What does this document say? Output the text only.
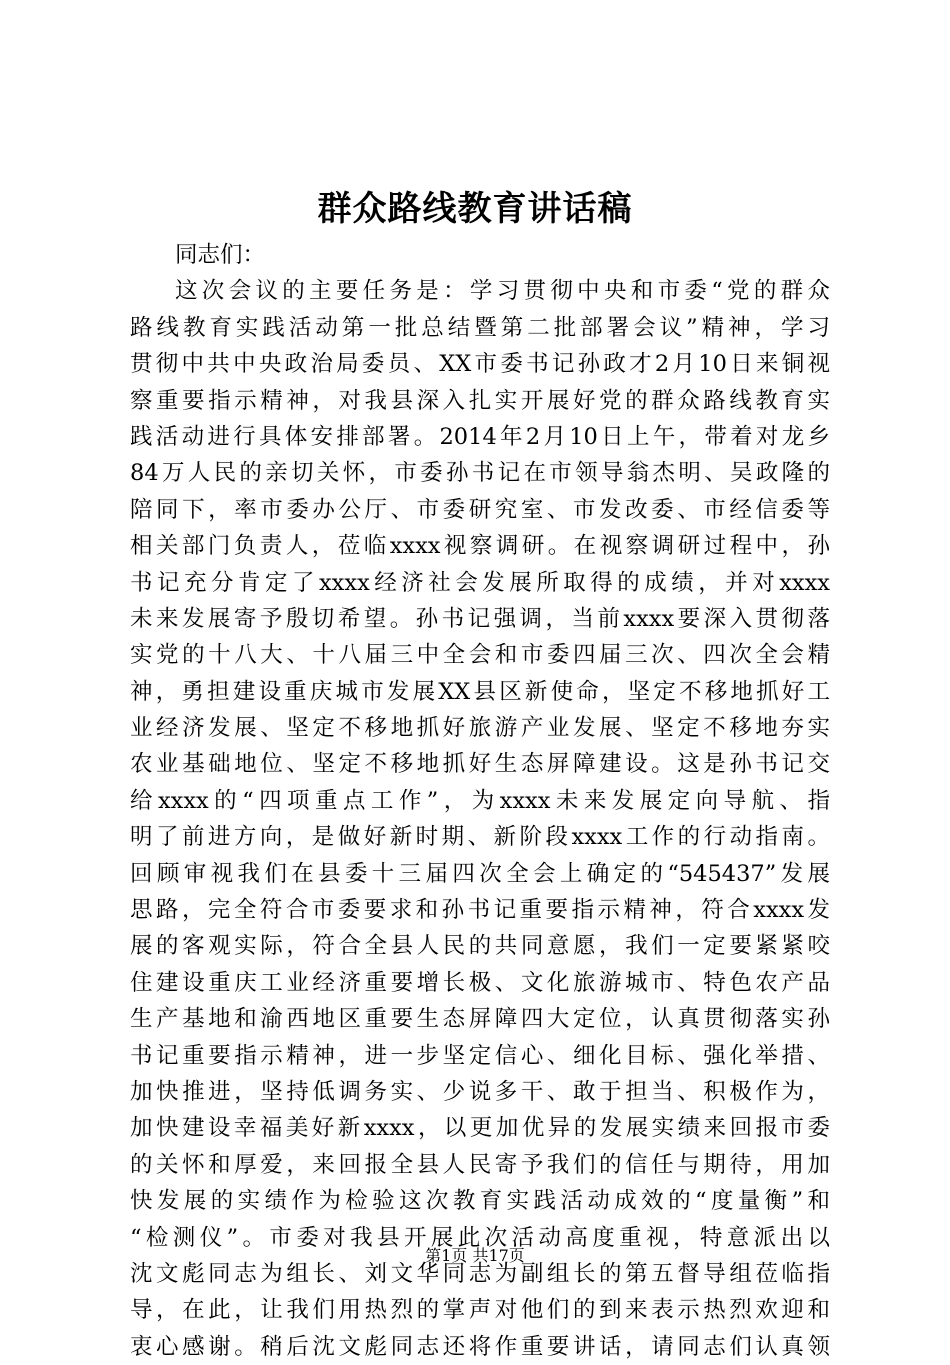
群众路线教育讲话稿
同志们：
这次会议的主要任务是：学习贯彻中央和市委“党的群众
路线教育实践活动第一批总结暨第二批部署会议”精神，学习
贯彻中共中央政治局委员、XX市委书记孙政才2月10日来铜视
察重要指示精神，对我县深入扎实开展好党的群众路线教育实
践活动进行具体安排部署。2014年2月10日上午，带着对龙乡
84万人民的亲切关怀，市委孙书记在市领导翁杰明、吴政隆的
陪同下，率市委办公厅、市委研究室、市发改委、市经信委等
相关部门负责人，莅临xxxx视察调研。在视察调研过程中，孙
书记充分肯定了xxxx经济社会发展所取得的成绩，并对xxxx
未来发展寄予殷切希望。孙书记强调，当前xxxx要深入贯彻落
实党的十八大、十八届三中全会和市委四届三次、四次全会精
神，勇担建设重庆城市发展XX县区新使命，坚定不移地抓好工
业经济发展、坚定不移地抓好旅游产业发展、坚定不移地夯实
农业基础地位、坚定不移地抓好生态屏障建设。这是孙书记交
给xxxx的“四项重点工作”，为xxxx未来发展定向导航、指
明了前进方向，是做好新时期、新阶段xxxx工作的行动指南。
回顾审视我们在县委十三届四次全会上确定的“545437”发展
思路，完全符合市委要求和孙书记重要指示精神，符合xxxx发
展的客观实际，符合全县人民的共同意愿，我们一定要紧紧咬
住建设重庆工业经济重要增长极、文化旅游城市、特色农产品
生产基地和渝西地区重要生态屏障四大定位，认真贯彻落实孙
书记重要指示精神，进一步坚定信心、细化目标、强化举措、
加快推进，坚持低调务实、少说多干、敢于担当、积极作为，
加快建设幸福美好新xxxx，以更加优异的发展实绩来回报市委
的关怀和厚爱，来回报全县人民寄予我们的信任与期待，用加
快发展的实绩作为检验这次教育实践活动成效的“度量衡”和
“检测仪”。市委对我县开展此次活动高度重视，特意派出以
沈文彪同志为组长、刘文华同志为副组长的第五督导组莅临指
导，在此，让我们用热烈的掌声对他们的到来表示热烈欢迎和
衷心感谢。稍后沈文彪同志还将作重要讲话，请同志们认真领
第1页 共17页
